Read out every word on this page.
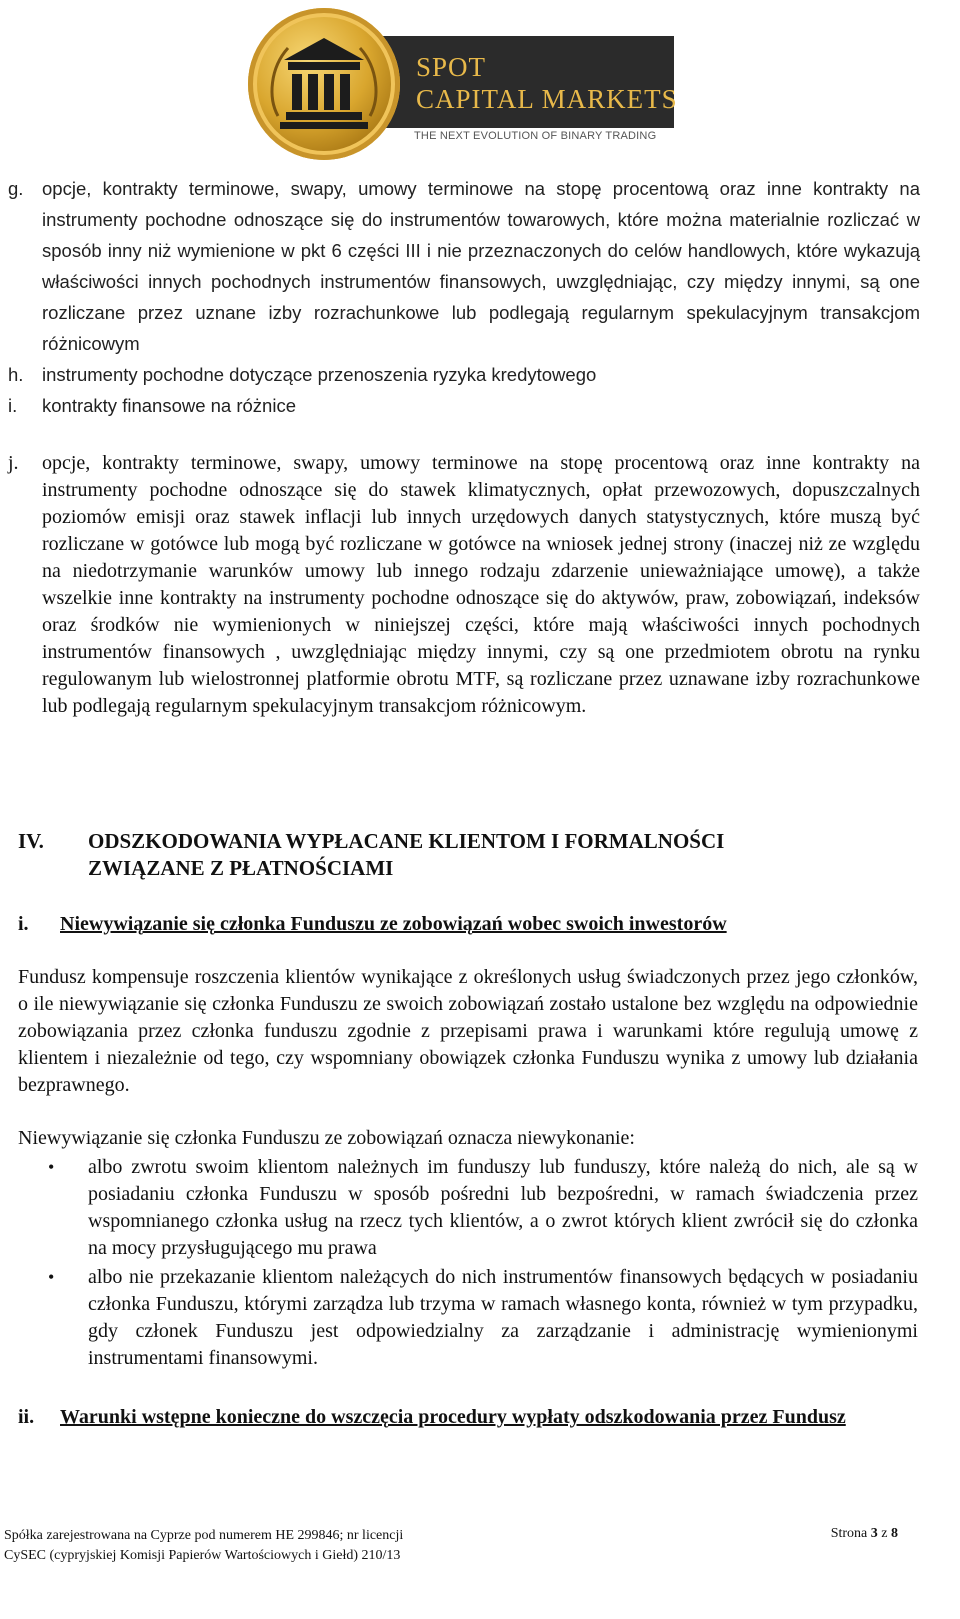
SPOT
CAPITAL MARKETS
THE NEXT EVOLUTION OF BINARY TRADING
g.	opcje, kontrakty terminowe, swapy, umowy terminowe na stopę procentową oraz inne kontrakty na instrumenty pochodne odnoszące się do instrumentów towarowych, które można materialnie rozliczać w sposób inny niż wymienione w pkt 6 części III i nie przeznaczonych do celów handlowych, które wykazują właściwości innych pochodnych instrumentów finansowych, uwzględniając, czy między innymi, są one rozliczane przez uznane izby rozrachunkowe lub podlegają regularnym spekulacyjnym transakcjom różnicowym
h.	instrumenty pochodne dotyczące przenoszenia ryzyka kredytowego
i.	kontrakty finansowe na różnice
j.	opcje, kontrakty terminowe, swapy, umowy terminowe na stopę procentową oraz inne kontrakty na instrumenty pochodne odnoszące się do stawek klimatycznych, opłat przewozowych, dopuszczalnych poziomów emisji oraz stawek inflacji lub innych urzędowych danych statystycznych, które muszą być rozliczane w gotówce lub mogą być rozliczane w gotówce na wniosek jednej strony (inaczej niż ze względu na niedotrzymanie warunków umowy lub innego rodzaju zdarzenie unieważniające umowę), a także wszelkie inne kontrakty na instrumenty pochodne odnoszące się do aktywów, praw, zobowiązań, indeksów oraz środków nie wymienionych w niniejszej części, które mają właściwości innych pochodnych instrumentów finansowych , uwzględniając między innymi, czy są one przedmiotem obrotu na rynku regulowanym lub wielostronnej platformie obrotu MTF, są rozliczane przez uznawane izby rozrachunkowe lub podlegają regularnym spekulacyjnym transakcjom różnicowym.
IV. ODSZKODOWANIA WYPŁACANE KLIENTOM I FORMALNOŚCI
ZWIĄZANE Z PŁATNOŚCIAMI
i. Niewywiązanie się członka Funduszu ze zobowiązań wobec swoich inwestorów
Fundusz kompensuje roszczenia klientów wynikające z określonych usług świadczonych przez jego członków, o ile niewywiązanie się członka Funduszu ze swoich zobowiązań zostało ustalone bez względu na odpowiednie zobowiązania przez członka funduszu zgodnie z przepisami prawa i warunkami które regulują umowę z klientem i niezależnie od tego, czy wspomniany obowiązek członka Funduszu wynika z umowy lub działania bezprawnego.
Niewywiązanie się członka Funduszu ze zobowiązań oznacza niewykonanie:
•	albo zwrotu swoim klientom należnych im funduszy lub funduszy, które należą do nich, ale są w posiadaniu członka Funduszu w sposób pośredni lub bezpośredni, w ramach świadczenia przez wspomnianego członka usług na rzecz tych klientów, a o zwrot których klient zwrócił się do członka na mocy przysługującego mu prawa
•	albo nie przekazanie klientom należących do nich instrumentów finansowych będących w posiadaniu członka Funduszu, którymi zarządza lub trzyma w ramach własnego konta, również w tym przypadku, gdy członek Funduszu jest odpowiedzialny za zarządzanie i administrację wymienionymi instrumentami finansowymi.
ii. Warunki wstępne konieczne do wszczęcia procedury wypłaty odszkodowania przez Fundusz
Spółka zarejestrowana na Cyprze pod numerem HE 299846; nr licencji
CySEC (cypryjskiej Komisji Papierów Wartościowych i Giełd) 210/13
Strona 3 z 8
